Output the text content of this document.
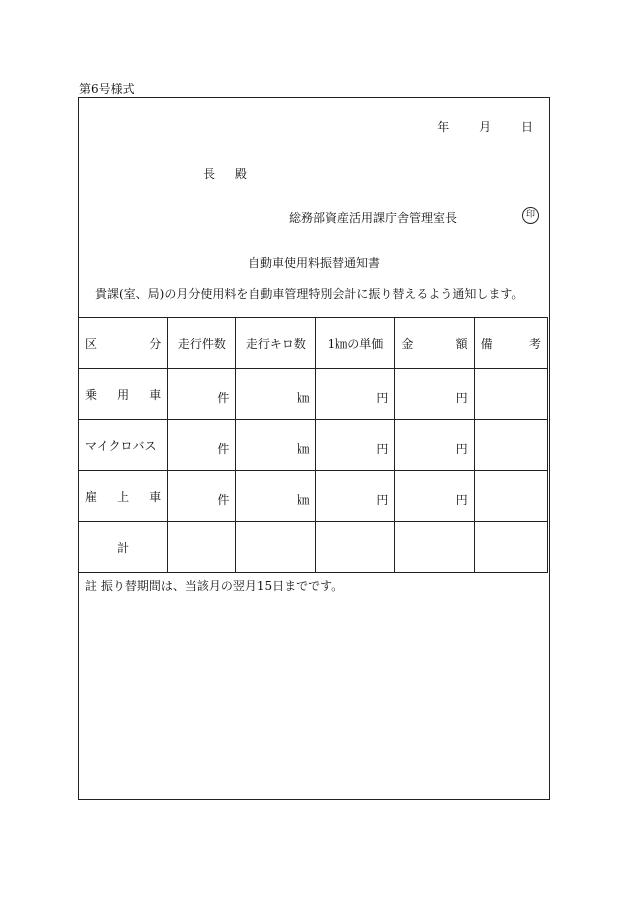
第6号様式
年 月 日
長 殿
総務部資産活用課庁舎管理室長	印
自動車使用料振替通知書
貴課(室、局)の月分使用料を自動車管理特別会計に振り替えるよう通知します。
区 分	走行件数	走行キロ数	1㎞の単価	金 額	備 考

乗 用 車	件	㎞	円	円	
マイクロバス	件	㎞	円	円	

雇 上 車	件	㎞	円	円	
計					
註 振り替期間は、当該月の翌月15日までです。
